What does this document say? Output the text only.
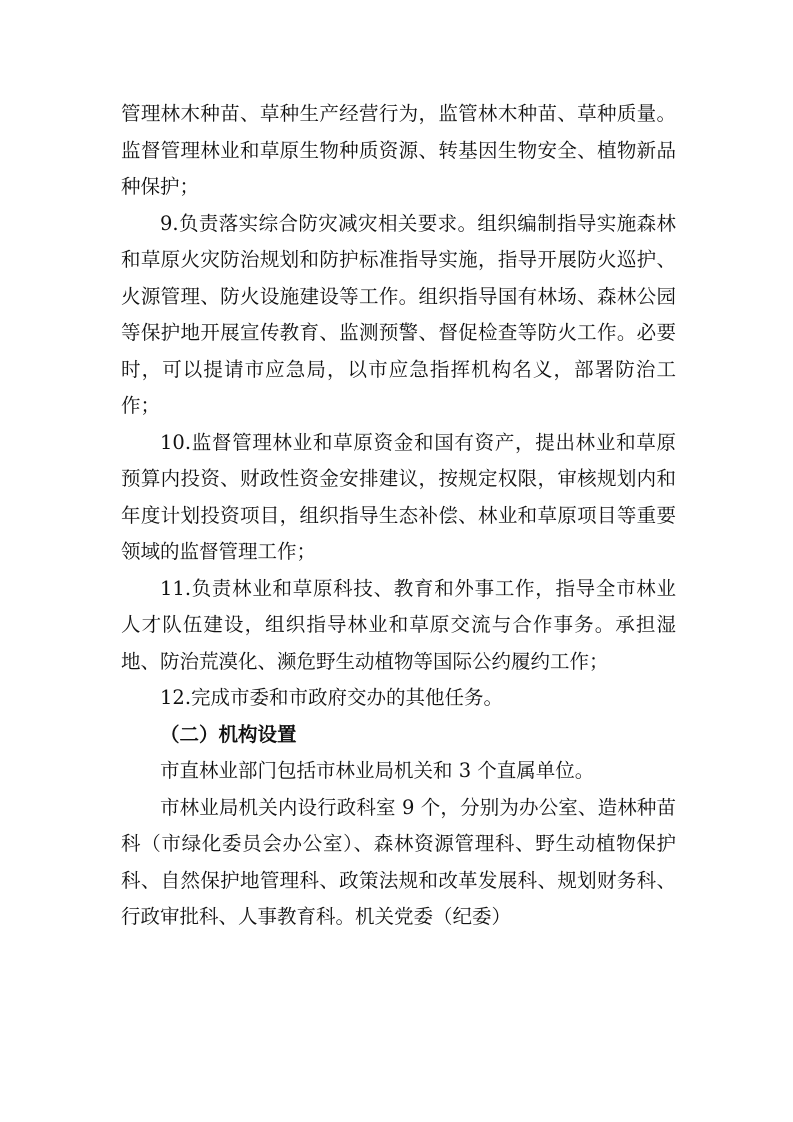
管理林木种苗、草种生产经营行为，监管林木种苗、草种质量。监督管理林业和草原生物种质资源、转基因生物安全、植物新品种保护；

9.负责落实综合防灾减灾相关要求。组织编制指导实施森林和草原火灾防治规划和防护标准指导实施，指导开展防火巡护、火源管理、防火设施建设等工作。组织指导国有林场、森林公园等保护地开展宣传教育、监测预警、督促检查等防火工作。必要时，可以提请市应急局，以市应急指挥机构名义，部署防治工作；

10.监督管理林业和草原资金和国有资产，提出林业和草原预算内投资、财政性资金安排建议，按规定权限，审核规划内和年度计划投资项目，组织指导生态补偿、林业和草原项目等重要领域的监督管理工作；

11.负责林业和草原科技、教育和外事工作，指导全市林业人才队伍建设，组织指导林业和草原交流与合作事务。承担湿地、防治荒漠化、濒危野生动植物等国际公约履约工作；

12.完成市委和市政府交办的其他任务。

（二）机构设置

市直林业部门包括市林业局机关和 3 个直属单位。

市林业局机关内设行政科室 9 个，分别为办公室、造林种苗科（市绿化委员会办公室）、森林资源管理科、野生动植物保护科、自然保护地管理科、政策法规和改革发展科、规划财务科、行政审批科、人事教育科。机关党委（纪委）
